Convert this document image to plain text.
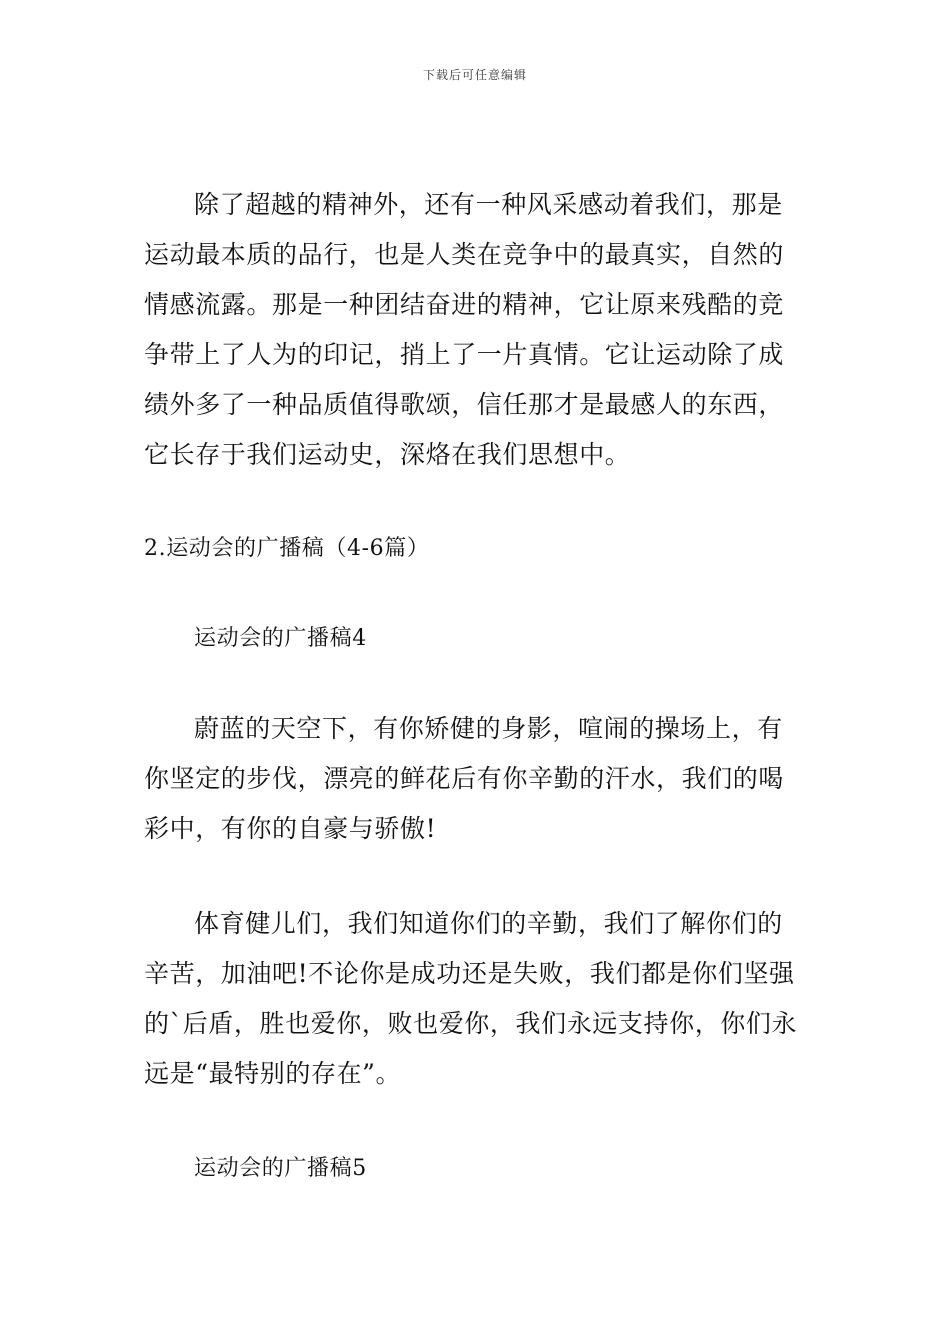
下载后可任意编辑

除了超越的精神外，还有一种风采感动着我们，那是运动最本质的品行，也是人类在竞争中的最真实，自然的情感流露。那是一种团结奋进的精神，它让原来残酷的竞争带上了人为的印记，捎上了一片真情。它让运动除了成绩外多了一种品质值得歌颂，信任那才是最感人的东西，它长存于我们运动史，深烙在我们思想中。

2.运动会的广播稿（4-6篇）

运动会的广播稿4

蔚蓝的天空下，有你矫健的身影，喧闹的操场上，有你坚定的步伐，漂亮的鲜花后有你辛勤的汗水，我们的喝彩中，有你的自豪与骄傲!

体育健儿们，我们知道你们的辛勤，我们了解你们的辛苦，加油吧!不论你是成功还是失败，我们都是你们坚强的`后盾，胜也爱你，败也爱你，我们永远支持你，你们永远是“最特别的存在”。

运动会的广播稿5
